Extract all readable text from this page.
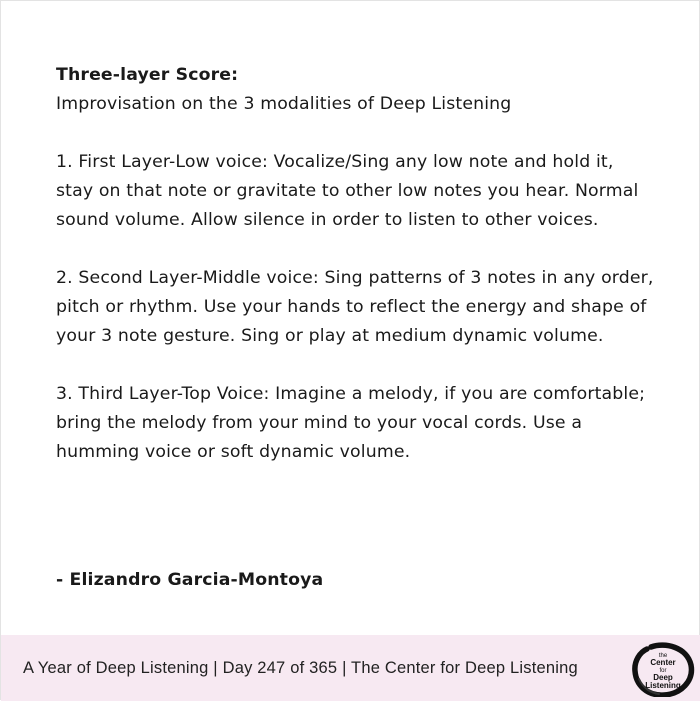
Three-layer Score:

Improvisation on the 3 modalities of Deep Listening

1. First Layer-Low voice: Vocalize/Sing any low note and hold it, stay on that note or gravitate to other low notes you hear. Normal sound volume. Allow silence in order to listen to other voices.

2. Second Layer-Middle voice: Sing patterns of 3 notes in any order, pitch or rhythm. Use your hands to reflect the energy and shape of your 3 note gesture. Sing or play at medium dynamic volume.

3. Third Layer-Top Voice: Imagine a melody, if you are comfortable; bring the melody from your mind to your vocal cords. Use a humming voice or soft dynamic volume.

- Elizandro Garcia-Montoya

A Year of Deep Listening | Day 247 of 365 | The Center for Deep Listening
the
Center
for
Deep
Listening
